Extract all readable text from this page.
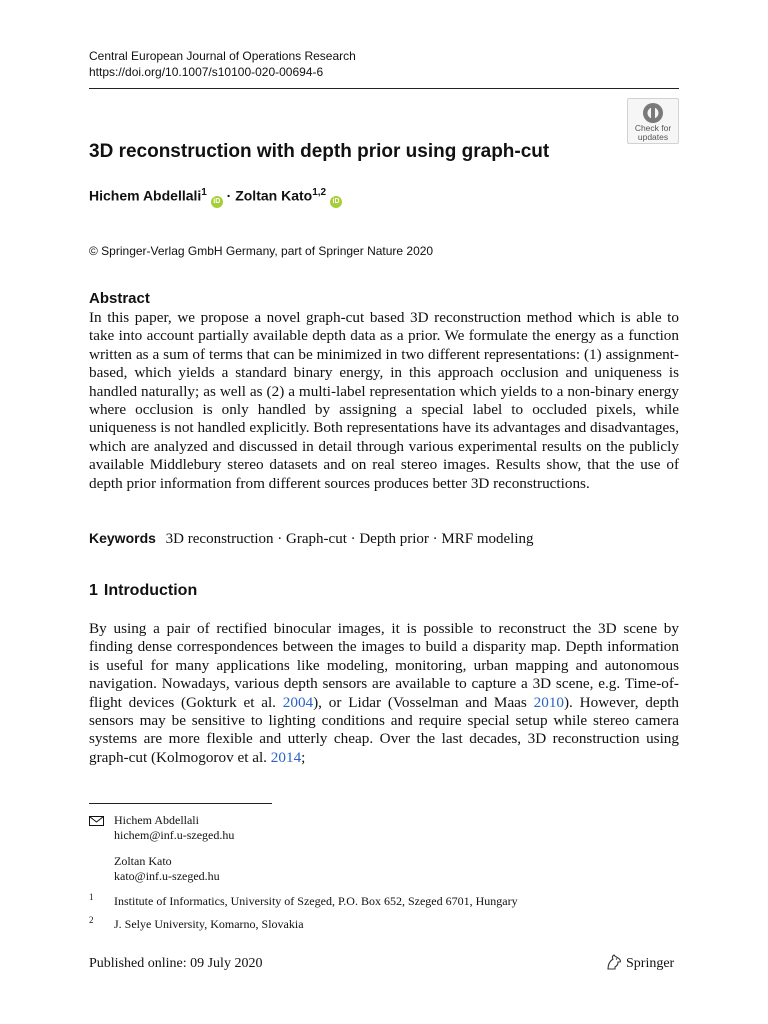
Central European Journal of Operations Research
https://doi.org/10.1007/s10100-020-00694-6
Check for updates
3D reconstruction with depth prior using graph-cut
Hichem Abdellali$^1$ iD · Zoltan Kato$^{1,2}$ iD
© Springer-Verlag GmbH Germany, part of Springer Nature 2020
Abstract

In this paper, we propose a novel graph-cut based 3D reconstruction method which is able to take into account partially available depth data as a prior. We formulate the energy as a function written as a sum of terms that can be minimized in two different representations: (1) assignment-based, which yields a standard binary energy, in this approach occlusion and uniqueness is handled naturally; as well as (2) a multi-label representation which yields to a non-binary energy where occlusion is only handled by assigning a special label to occluded pixels, while uniqueness is not handled explicitly. Both representations have its advantages and disadvantages, which are analyzed and discussed in detail through various experimental results on the publicly available Middlebury stereo datasets and on real stereo images. Results show, that the use of depth prior information from different sources produces better 3D reconstructions.

Keywords 3D reconstruction · Graph-cut · Depth prior · MRF modeling
1 Introduction

By using a pair of rectified binocular images, it is possible to reconstruct the 3D scene by finding dense correspondences between the images to build a disparity map. Depth information is useful for many applications like modeling, monitoring, urban mapping and autonomous navigation. Nowadays, various depth sensors are available to capture a 3D scene, e.g. Time-of-flight devices (Gokturk et al. 2004), or Lidar (Vosselman and Maas 2010). However, depth sensors may be sensitive to lighting conditions and require special setup while stereo camera systems are more flexible and utterly cheap. Over the last decades, 3D reconstruction using graph-cut (Kolmogorov et al. 2014;

Hichem Abdellali
hichem@inf.u-szeged.hu
Zoltan Kato
kato@inf.u-szeged.hu
1 Institute of Informatics, University of Szeged, P.O. Box 652, Szeged 6701, Hungary
2 J. Selye University, Komarno, Slovakia
Published online: 09 July 2020	Springer
